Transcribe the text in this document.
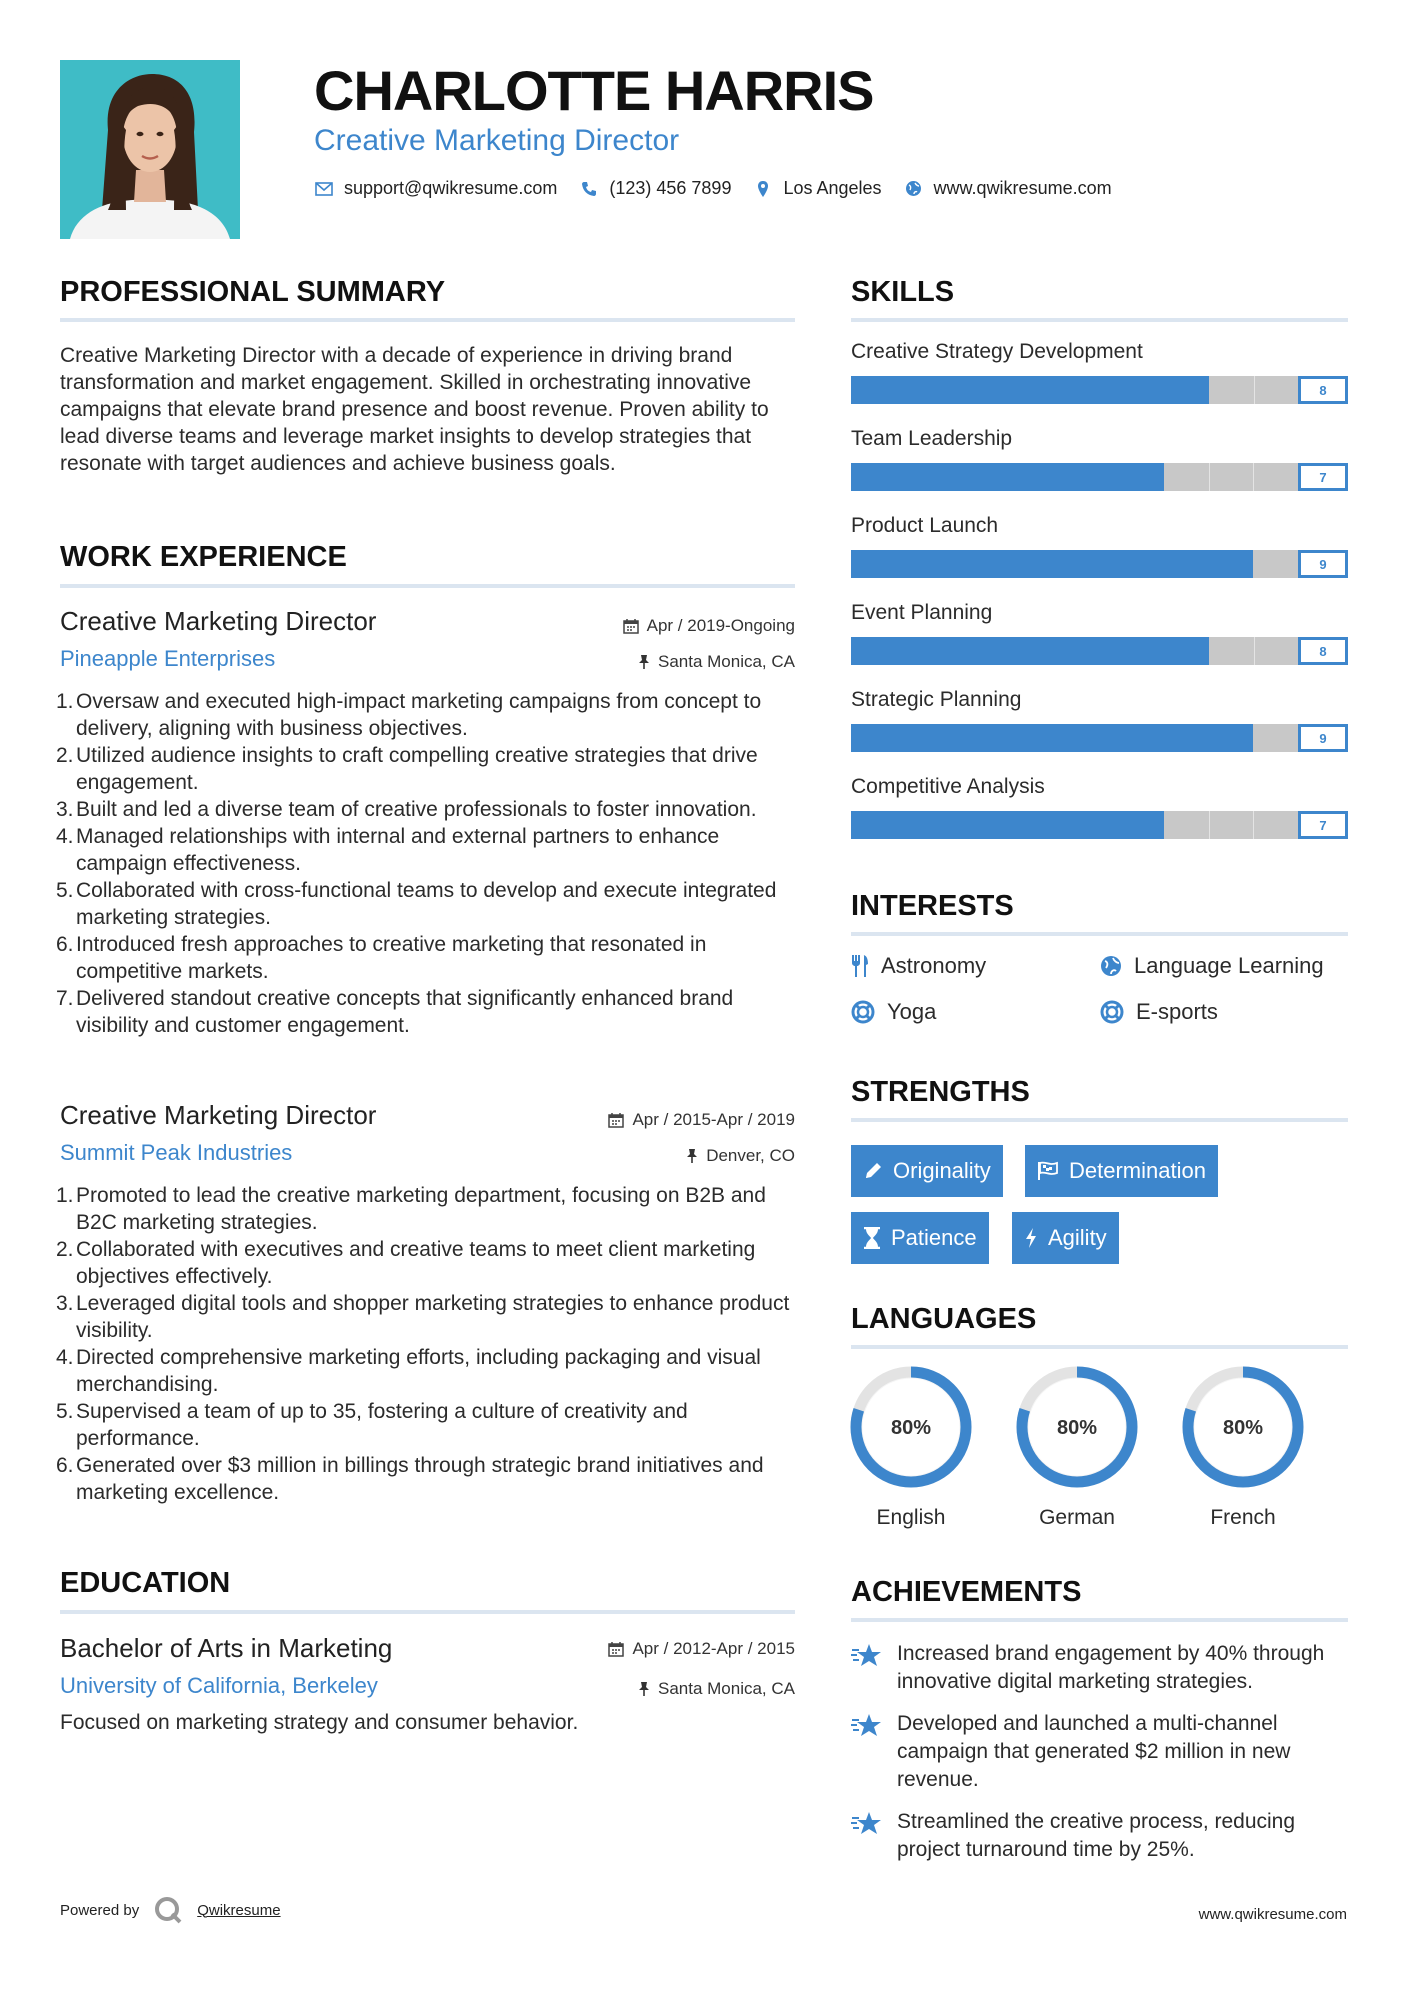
CHARLOTTE HARRIS
Creative Marketing Director
support@qwikresume.com	(123) 456 7899	Los Angeles	www.qwikresume.com
PROFESSIONAL SUMMARY
Creative Marketing Director with a decade of experience in driving brand transformation and market engagement. Skilled in orchestrating innovative campaigns that elevate brand presence and boost revenue. Proven ability to lead diverse teams and leverage market insights to develop strategies that resonate with target audiences and achieve business goals.
WORK EXPERIENCE
Creative Marketing Director	Apr / 2019-Ongoing
Pineapple Enterprises	Santa Monica, CA
1. Oversaw and executed high-impact marketing campaigns from concept to delivery, aligning with business objectives.
2. Utilized audience insights to craft compelling creative strategies that drive engagement.
3. Built and led a diverse team of creative professionals to foster innovation.
4. Managed relationships with internal and external partners to enhance campaign effectiveness.
5. Collaborated with cross-functional teams to develop and execute integrated marketing strategies.
6. Introduced fresh approaches to creative marketing that resonated in competitive markets.
7. Delivered standout creative concepts that significantly enhanced brand visibility and customer engagement.
Creative Marketing Director	Apr / 2015-Apr / 2019
Summit Peak Industries	Denver, CO
1. Promoted to lead the creative marketing department, focusing on B2B and B2C marketing strategies.
2. Collaborated with executives and creative teams to meet client marketing objectives effectively.
3. Leveraged digital tools and shopper marketing strategies to enhance product visibility.
4. Directed comprehensive marketing efforts, including packaging and visual merchandising.
5. Supervised a team of up to 35, fostering a culture of creativity and performance.
6. Generated over $3 million in billings through strategic brand initiatives and marketing excellence.
EDUCATION
Bachelor of Arts in Marketing	Apr / 2012-Apr / 2015
University of California, Berkeley	Santa Monica, CA
Focused on marketing strategy and consumer behavior.
SKILLS
Creative Strategy Development
8
Team Leadership
7
Product Launch
9
Event Planning
8
Strategic Planning
9
Competitive Analysis
7
INTERESTS
Astronomy	Language Learning
Yoga	E-sports
STRENGTHS
Originality	Determination
Patience	Agility
LANGUAGES
80%
English
80%
German
80%
French
ACHIEVEMENTS
Increased brand engagement by 40% through innovative digital marketing strategies.
Developed and launched a multi-channel campaign that generated $2 million in new revenue.
Streamlined the creative process, reducing project turnaround time by 25%.
Powered by	Qwikresume	www.qwikresume.com
